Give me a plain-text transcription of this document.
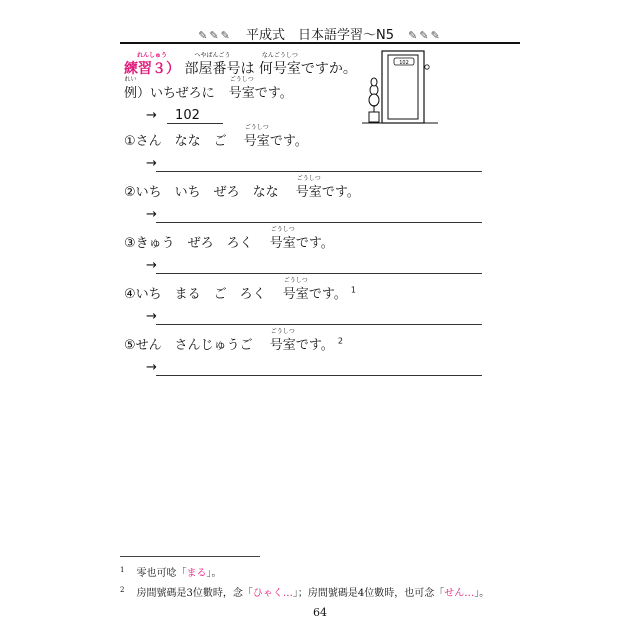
✎✎✎ 平成式　日本語学習～N5 ✎✎✎
れんしゅう
練習３）
へやばんごう
部屋番号は
なんごうしつ
何号室ですか。
れい
例）いちぜろに
ごうしつ
号室です。
→ 102
102
①さん　なな　ご　
ごうしつ
号室です。
→
②いち　いち　ぜろ　なな　
ごうしつ
号室です。
→
③きゅう　ぜろ　ろく　
ごうしつ
号室です。
→
④いち　まる　ご　ろく　
ごうしつ
号室です。 $^1$
→
⑤せん　さんじゅうご　
ごうしつ
号室です。 $^2$
→
$^1$ 零也可唸「まる」。
$^2$ 房間號碼是3位數時，念「ひゃく…」；房間號碼是4位數時，也可念「せん…」。
64
